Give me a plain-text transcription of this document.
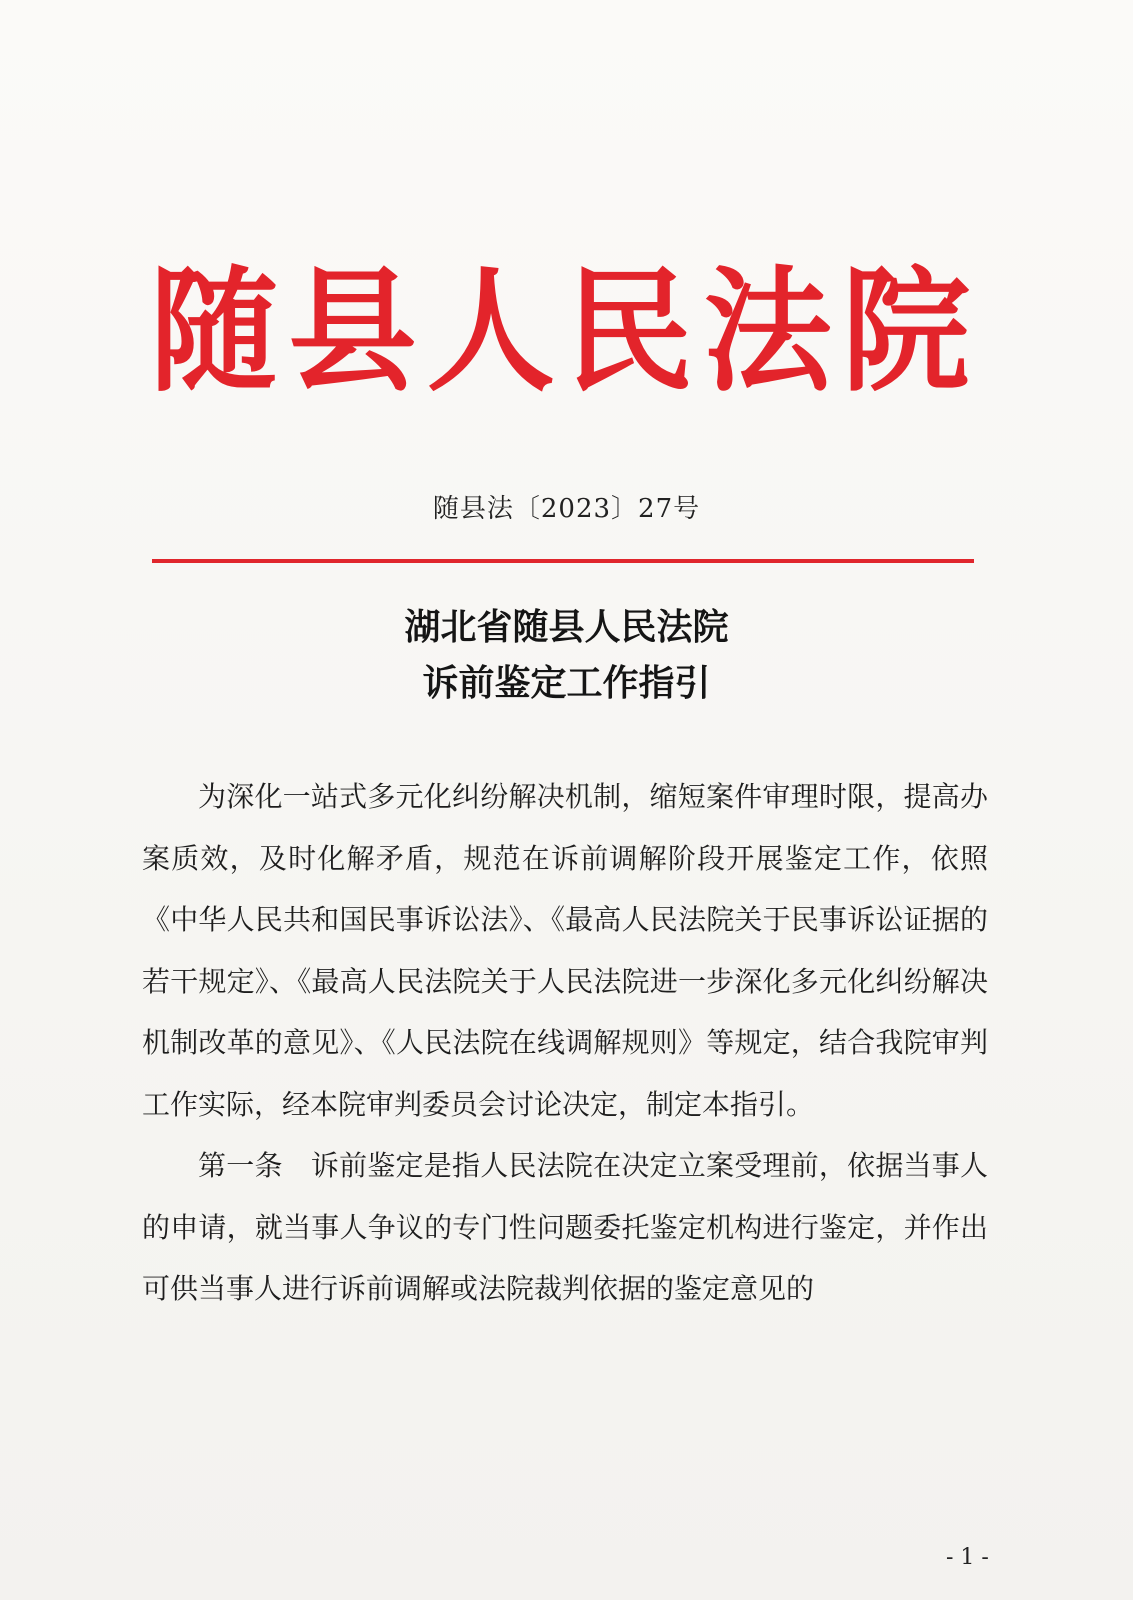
随 县 人 民 法 院
随县法〔2023〕27号
湖北省随县人民法院
诉前鉴定工作指引

为深化一站式多元化纠纷解决机制，缩短案件审理时限，提高办案质效，及时化解矛盾，规范在诉前调解阶段开展鉴定工作，依照《中华人民共和国民事诉讼法》、《最高人民法院关于民事诉讼证据的若干规定》、《最高人民法院关于人民法院进一步深化多元化纠纷解决机制改革的意见》、《人民法院在线调解规则》等规定，结合我院审判工作实际，经本院审判委员会讨论决定，制定本指引。

第一条　诉前鉴定是指人民法院在决定立案受理前，依据当事人的申请，就当事人争议的专门性问题委托鉴定机构进行鉴定，并作出可供当事人进行诉前调解或法院裁判依据的鉴定意见的

- 1 -
